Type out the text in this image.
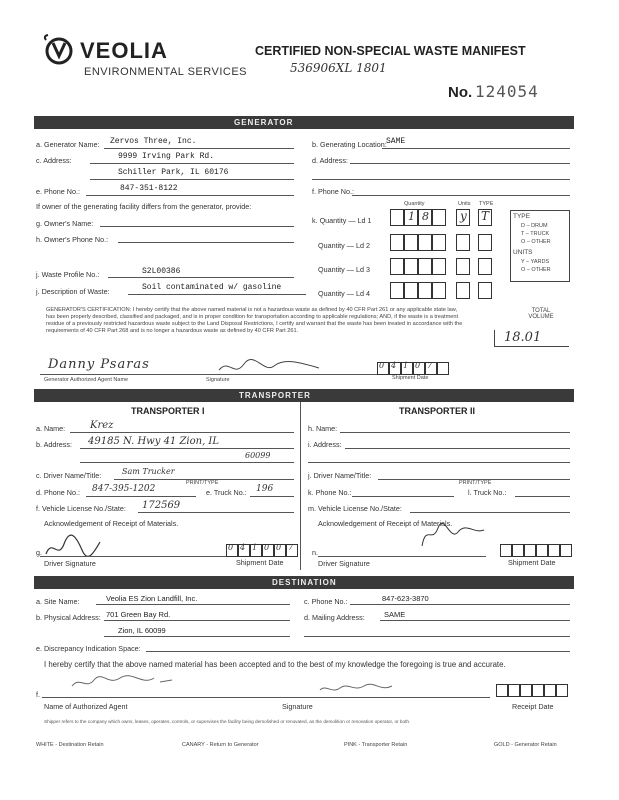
VEOLIA
ENVIRONMENTAL SERVICES
CERTIFIED NON-SPECIAL WASTE MANIFEST
536906XL 1801
No. 124054
GENERATOR
a. Generator Name: Zervos Three, Inc.	b. Generating Location: SAME
c. Address:	9999 Irving Park Rd.	d. Address:
Schiller Park, IL 60176
e. Phone No.:	847-351-8122	f. Phone No.:
If owner of the generating facility differs from the generator, provide:	Quantity	Units TYPE
g. Owner's Name:
h. Owner's Phone No.:
k. Quantity — Ld 1	1 8	y T
Quantity — Ld 2
Quantity — Ld 3
Quantity — Ld 4
TYPE
D – DRUM
T – TRUCK
O – OTHER
UNITS
Y – YARDS
O – OTHER
j. Waste Profile No.:	S2L00386
j. Description of Waste:	Soil contaminated w/ gasoline
GENERATOR'S CERTIFICATION: I hereby certify that the above named material is not a hazardous waste as defined by 40 CFR Part 261 or any applicable state law, has been properly described, classified and packaged, and is in proper condition for transportation according to applicable regulations; AND, if the waste is a treatment residue of a previously restricted hazardous waste subject to the Land Disposal Restrictions, I certify and warrant that the waste has been treated in accordance with the requirements of 40 CFR Part 268 and is no longer a hazardous waste as defined by 40 CFR Part 261.
TOTAL VOLUME
18.01
Danny Psaras
Generator Authorized Agent Name	Signature
0 4 1 0 7
Shipment Date
TRANSPORTER
TRANSPORTER I	TRANSPORTER II
a. Name: Krez	h. Name:
b. Address: 49185 N. Hwy 41 Zion, IL
60099
i. Address:
c. Driver Name/Title:	Sam Trucker
PRINT/TYPE
j. Driver Name/Title:
PRINT/TYPE
d. Phone No.: 847-395-1202	e. Truck No.: 196	k. Phone No.:	l. Truck No.:
f. Vehicle License No./State: 172569	m. Vehicle License No./State:
Acknowledgement of Receipt of Materials.	Acknowledgement of Receipt of Materials.
g.
Driver Signature
0 4 1 0 0 7
Shipment Date
n.
Driver Signature	Shipment Date
DESTINATION
a. Site Name:	Veolia ES Zion Landfill, Inc.	c. Phone No.:	847-623-3870
b. Physical Address: 701 Green Bay Rd.	d. Mailing Address:	SAME
Zion, IL 60099
e. Discrepancy Indication Space:
I hereby certify that the above named material has been accepted and to the best of my knowledge the foregoing is true and accurate.
f.
Name of Authorized Agent	Signature	Receipt Date
Shipper refers to the company which owns, leases, operates, controls, or supervises the facility being demolished or renovated, as the demolition or renovation operator, or both.
WHITE - Destination Retain	CANARY - Return to Generator	PINK - Transporter Retain	GOLD - Generator Retain
